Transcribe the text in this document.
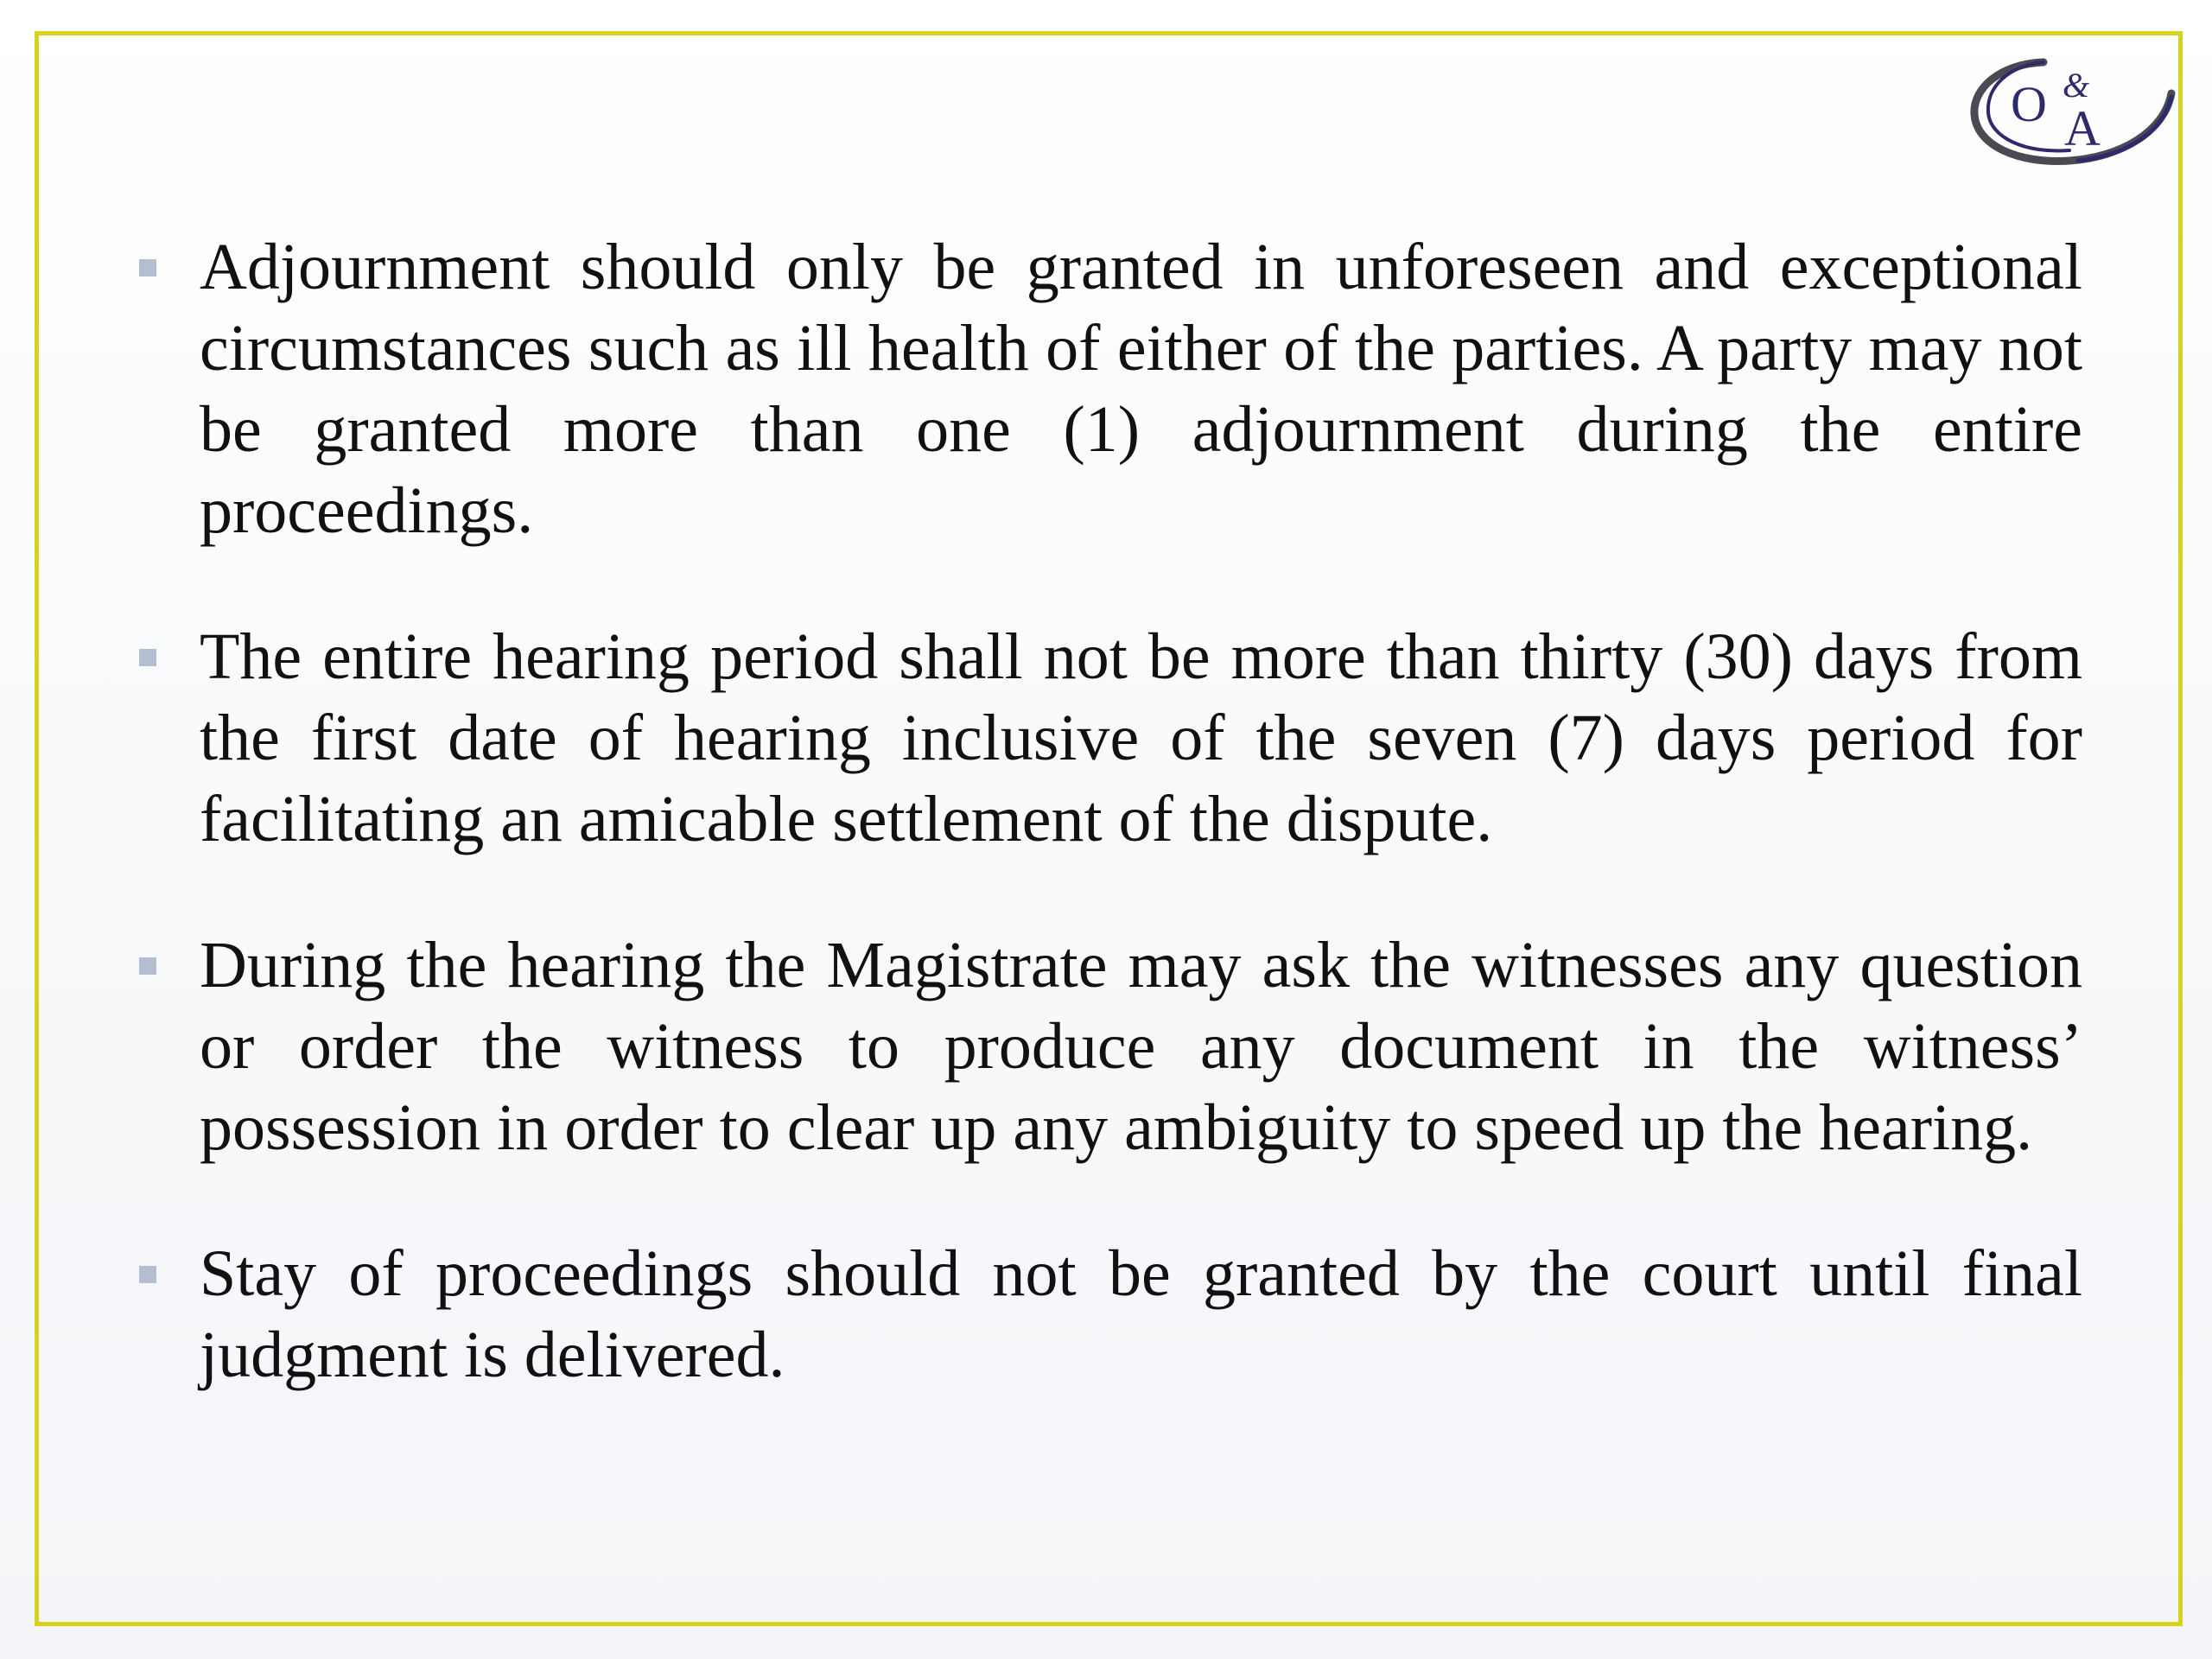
O &
A
Adjournment should only be granted in unforeseen and exceptional circumstances such as ill health of either of the parties. A party may not be granted more than one (1) adjournment during the entire proceedings.
The entire hearing period shall not be more than thirty (30) days from the first date of hearing inclusive of the seven (7) days period for facilitating an amicable settlement of the dispute.
During the hearing the Magistrate may ask the witnesses any question or order the witness to produce any document in the witness’ possession in order to clear up any ambiguity to speed up the hearing.
Stay of proceedings should not be granted by the court until final judgment is delivered.
